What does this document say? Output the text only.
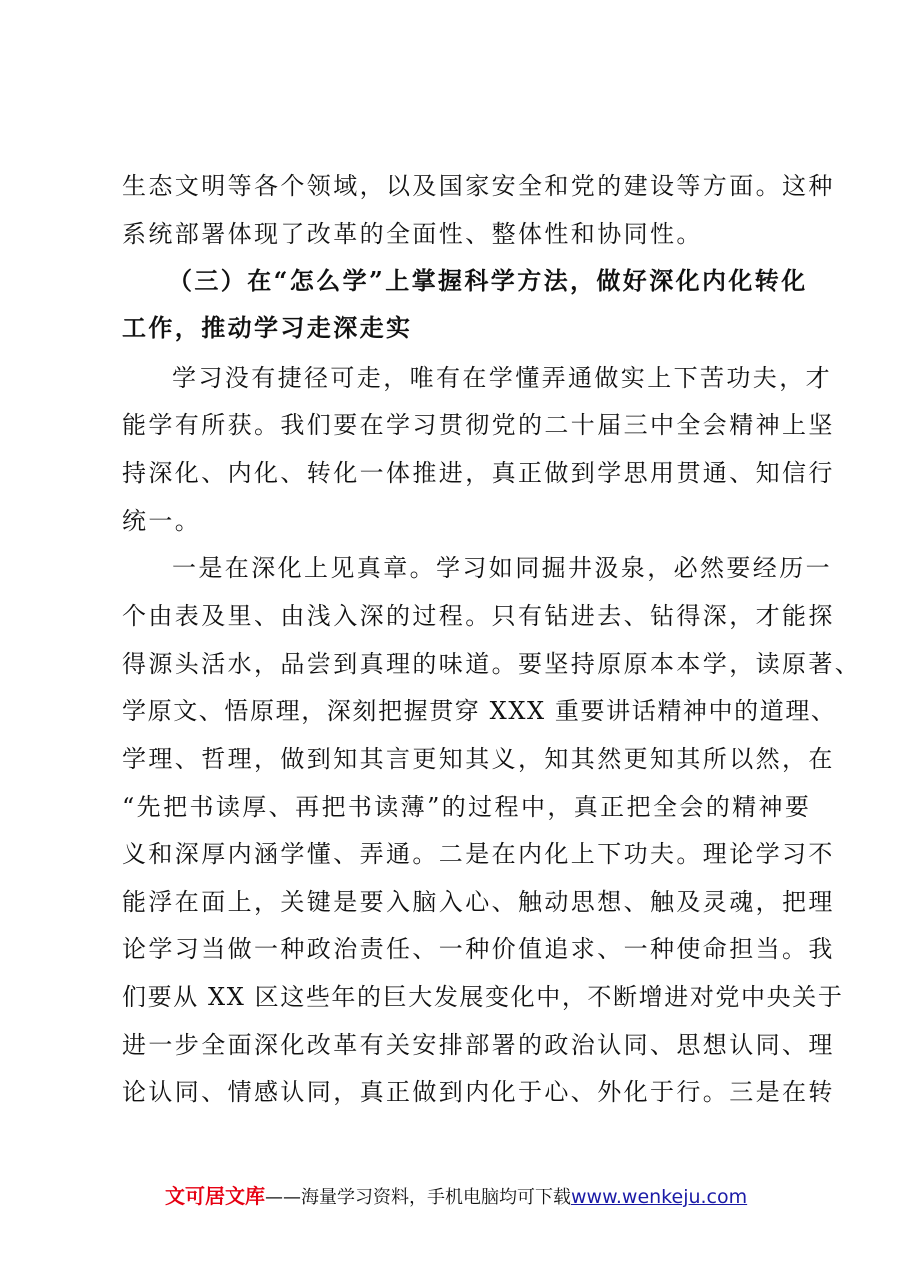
生态文明等各个领域，以及国家安全和党的建设等方面。这种
系统部署体现了改革的全面性、整体性和协同性。
（三）在“怎么学”上掌握科学方法，做好深化内化转化
工作，推动学习走深走实
学习没有捷径可走，唯有在学懂弄通做实上下苦功夫，才
能学有所获。我们要在学习贯彻党的二十届三中全会精神上坚
持深化、内化、转化一体推进，真正做到学思用贯通、知信行
统一。
一是在深化上见真章。学习如同掘井汲泉，必然要经历一
个由表及里、由浅入深的过程。只有钻进去、钻得深，才能探
得源头活水，品尝到真理的味道。要坚持原原本本学，读原著、
学原文、悟原理，深刻把握贯穿 XXX 重要讲话精神中的道理、
学理、哲理，做到知其言更知其义，知其然更知其所以然，在
“先把书读厚、再把书读薄”的过程中，真正把全会的精神要
义和深厚内涵学懂、弄通。二是在内化上下功夫。理论学习不
能浮在面上，关键是要入脑入心、触动思想、触及灵魂，把理
论学习当做一种政治责任、一种价值追求、一种使命担当。我
们要从 XX 区这些年的巨大发展变化中，不断增进对党中央关于
进一步全面深化改革有关安排部署的政治认同、思想认同、理
论认同、情感认同，真正做到内化于心、外化于行。三是在转
文可居文库——海量学习资料，手机电脑均可下载www.wenkeju.com
